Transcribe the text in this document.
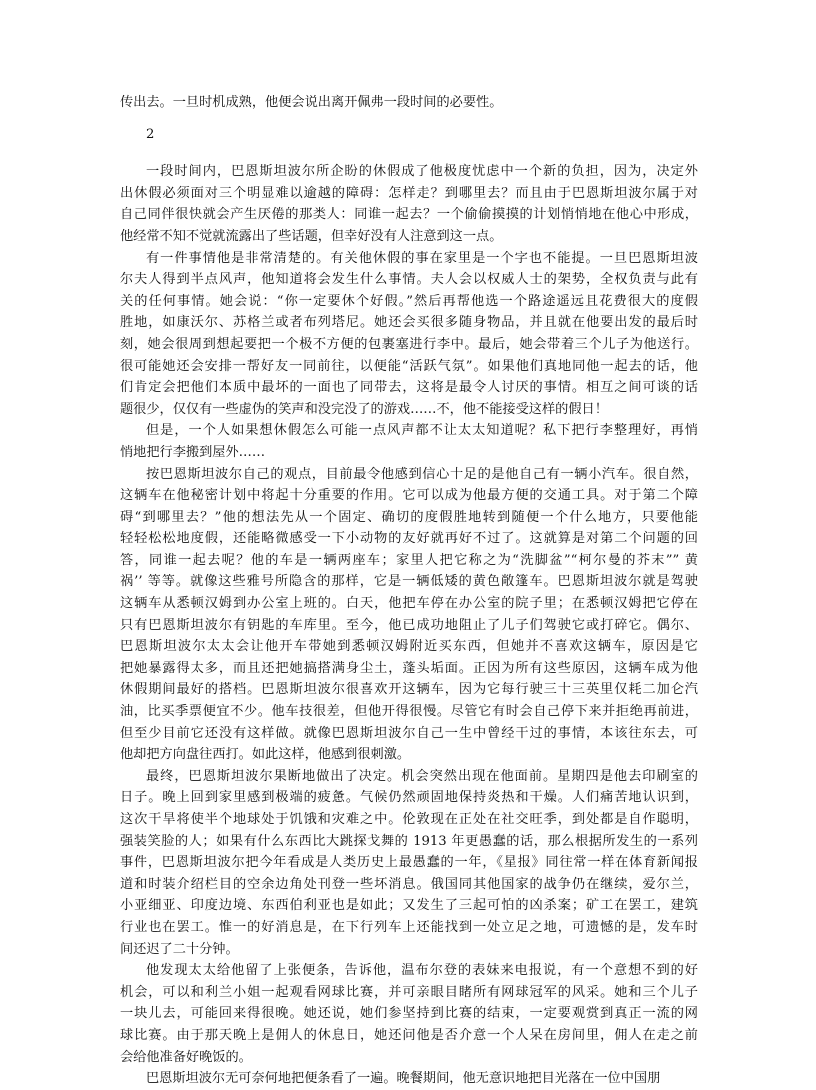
传出去。一旦时机成熟，他便会说出离开佩弗一段时间的必要性。
2
一段时间内，巴恩斯坦波尔所企盼的休假成了他极度忧虑中一个新的负担，因为，决定外
出休假必须面对三个明显难以逾越的障碍：怎样走？到哪里去？而且由于巴恩斯坦波尔属于对
自己同伴很快就会产生厌倦的那类人：同谁一起去？一个偷偷摸摸的计划悄悄地在他心中形成，
他经常不知不觉就流露出了些话题，但幸好没有人注意到这一点。
有一件事情他是非常清楚的。有关他休假的事在家里是一个字也不能提。一旦巴恩斯坦波
尔夫人得到半点风声，他知道将会发生什么事情。夫人会以权威人士的架势，全权负责与此有
关的任何事情。她会说：“你一定要休个好假。”然后再帮他选一个路途遥远且花费很大的度假
胜地，如康沃尔、苏格兰或者布列塔尼。她还会买很多随身物品，并且就在他要出发的最后时
刻，她会很周到想起要把一个极不方便的包裹塞进行李中。最后，她会带着三个儿子为他送行。
很可能她还会安排一帮好友一同前往，以便能“活跃气氛”。如果他们真地同他一起去的话，他
们肯定会把他们本质中最坏的一面也了同带去，这将是最令人讨厌的事情。相互之间可谈的话
题很少，仅仅有一些虚伪的笑声和没完没了的游戏……不，他不能接受这样的假日！
但是，一个人如果想休假怎么可能一点风声都不让太太知道呢？私下把行李整理好，再悄
悄地把行李搬到屋外……
按巴恩斯坦波尔自己的观点，目前最令他感到信心十足的是他自己有一辆小汽车。很自然，
这辆车在他秘密计划中将起十分重要的作用。它可以成为他最方便的交通工具。对于第二个障
碍“到哪里去？”他的想法先从一个固定、确切的度假胜地转到随便一个什么地方，只要他能
轻轻松松地度假，还能略微感受一下小动物的友好就再好不过了。这就算是对第二个问题的回
答，同谁一起去呢？他的车是一辆两座车；家里人把它称之为“洗脚盆”“柯尔曼的芥末”” 黄
祸’’ 等等。就像这些雅号所隐含的那样，它是一辆低矮的黄色敞篷车。巴恩斯坦波尔就是驾驶
这辆车从悉顿汉姆到办公室上班的。白天，他把车停在办公室的院子里；在悉顿汉姆把它停在
只有巴恩斯坦波尔有钥匙的车库里。至今，他已成功地阻止了儿子们驾驶它或打碎它。偶尔、
巴恩斯坦波尔太太会让他开车带她到悉顿汉姆附近买东西，但她并不喜欢这辆车，原因是它
把她暴露得太多，而且还把她搞搭满身尘土，蓬头垢面。正因为所有这些原因，这辆车成为他
休假期间最好的搭档。巴恩斯坦波尔很喜欢开这辆车，因为它每行驶三十三英里仅耗二加仑汽
油，比买季票便宜不少。他车技很差，但他开得很慢。尽管它有时会自己停下来并拒绝再前进，
但至少目前它还没有这样做。就像巴恩斯坦波尔自己一生中曾经干过的事情，本该往东去，可
他却把方向盘往西打。如此这样，他感到很刺激。
最终，巴恩斯坦波尔果断地做出了决定。机会突然出现在他面前。星期四是他去印刷室的
日子。晚上回到家里感到极端的疲惫。气候仍然顽固地保持炎热和干燥。人们痛苦地认识到，
这次干旱将使半个地球处于饥饿和灾难之中。伦敦现在正处在社交旺季，到处都是自作聪明，
强装笑脸的人；如果有什么东西比大跳探戈舞的 1913 年更愚蠢的话，那么根据所发生的一系列
事件，巴恩斯坦波尔把今年看成是人类历史上最愚蠢的一年，《星报》同往常一样在体育新闻报
道和时装介绍栏目的空余边角处刊登一些坏消息。俄国同其他国家的战争仍在继续，爱尔兰，
小亚细亚、印度边境、东西伯利亚也是如此；又发生了三起可怕的凶杀案；矿工在罢工，建筑
行业也在罢工。惟一的好消息是，在下行列车上还能找到一处立足之地，可遗憾的是，发车时
间还迟了二十分钟。
他发现太太给他留了上张便条，告诉他，温布尔登的表妹来电报说，有一个意想不到的好
机会，可以和利兰小姐一起观看网球比赛，并可亲眼目睹所有网球冠军的风采。她和三个儿子
一块儿去，可能回来得很晚。她还说，她们参坚持到比赛的结束，一定要观赏到真正一流的网
球比赛。由于那天晚上是佣人的休息日，她还问他是否介意一个人呆在房间里，佣人在走之前
会给他准备好晚饭的。
巴恩斯坦波尔无可奈何地把便条看了一遍。晚餐期间，他无意识地把目光落在一位中国朋
